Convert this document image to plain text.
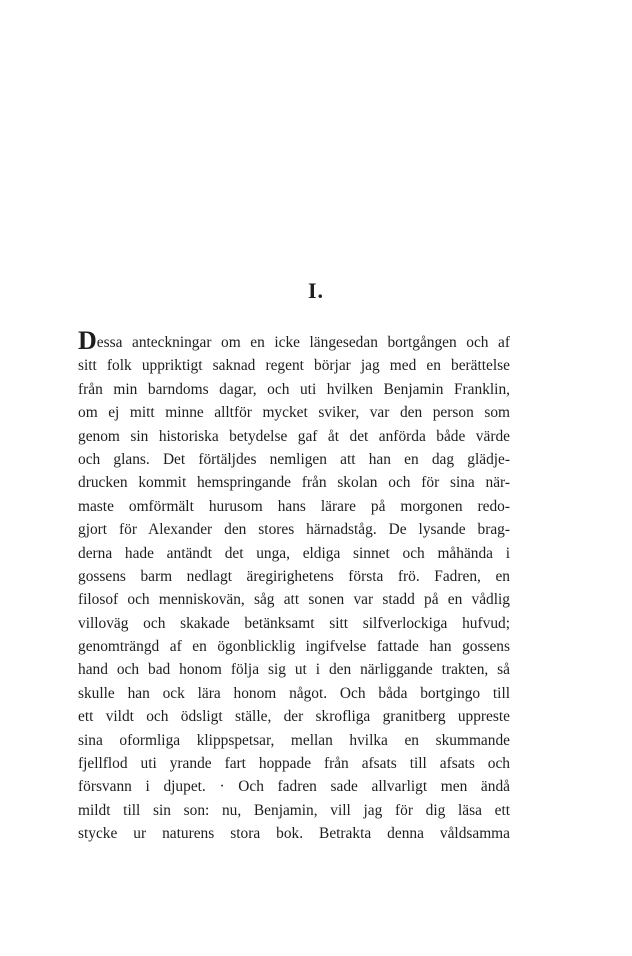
I.
Dessa anteckningar om en icke längesedan bortgången och af
sitt folk uppriktigt saknad regent börjar jag med en berättelse
från min barndoms dagar, och uti hvilken Benjamin Franklin,
om ej mitt minne alltför mycket sviker, var den person som
genom sin historiska betydelse gaf åt det anförda både värde
och glans. Det förtäljdes nemligen att han en dag glädje-
drucken kommit hemspringande från skolan och för sina när-
maste omförmält hurusom hans lärare på morgonen redo-
gjort för Alexander den stores härnadståg. De lysande brag-
derna hade antändt det unga, eldiga sinnet och måhända i
gossens barm nedlagt äregirighetens första frö. Fadren, en
filosof och menniskovän, såg att sonen var stadd på en vådlig
villoväg och skakade betänksamt sitt silfverlockiga hufvud;
genomträngd af en ögonblicklig ingifvelse fattade han gossens
hand och bad honom följa sig ut i den närliggande trakten, så
skulle han ock lära honom något. Och båda bortgingo till
ett vildt och ödsligt ställe, der skrofliga granitberg uppreste
sina oformliga klippspetsar, mellan hvilka en skummande
fjellflod uti yrande fart hoppade från afsats till afsats och
försvann i djupet. · Och fadren sade allvarligt men ändå
mildt till sin son: nu, Benjamin, vill jag för dig läsa ett
stycke ur naturens stora bok. Betrakta denna våldsamma
